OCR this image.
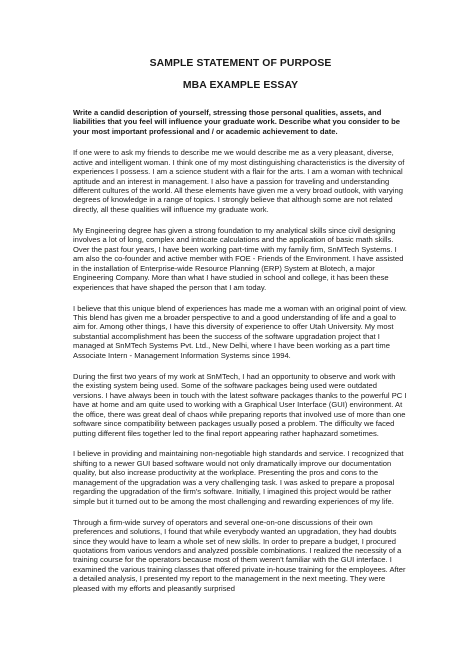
SAMPLE STATEMENT OF PURPOSE
MBA EXAMPLE ESSAY

Write a candid description of yourself, stressing those personal qualities, assets, and liabilities that you feel will influence your graduate work. Describe what you consider to be your most important professional and / or academic achievement to date.

If one were to ask my friends to describe me we would describe me as a very pleasant, diverse, active and intelligent woman. I think one of my most distinguishing characteristics is the diversity of experiences I possess. I am a science student with a flair for the arts. I am a woman with technical aptitude and an interest in management. I also have a passion for traveling and understanding different cultures of the world. All these elements have given me a very broad outlook, with varying degrees of knowledge in a range of topics. I strongly believe that although some are not related directly, all these qualities will influence my graduate work.

My Engineering degree has given a strong foundation to my analytical skills since civil designing involves a lot of long, complex and intricate calculations and the application of basic math skills. Over the past four years, I have been working part-time with my family firm, SnMTech Systems. I am also the co-founder and active member with FOE - Friends of the Environment. I have assisted in the installation of Enterprise-wide Resource Planning (ERP) System at Blotech, a major Engineering Company. More than what I have studied in school and college, it has been these experiences that have shaped the person that I am today.

I believe that this unique blend of experiences has made me a woman with an original point of view. This blend has given me a broader perspective to and a good understanding of life and a goal to aim for. Among other things, I have this diversity of experience to offer Utah University. My most substantial accomplishment has been the success of the software upgradation project that I managed at SnMTech Systems Pvt. Ltd., New Delhi, where I have been working as a part time Associate Intern - Management Information Systems since 1994.

During the first two years of my work at SnMTech, I had an opportunity to observe and work with the existing system being used. Some of the software packages being used were outdated versions. I have always been in touch with the latest software packages thanks to the powerful PC I have at home and am quite used to working with a Graphical User Interface (GUI) environment. At the office, there was great deal of chaos while preparing reports that involved use of more than one software since compatibility between packages usually posed a problem. The difficulty we faced putting different files together led to the final report appearing rather haphazard sometimes.

I believe in providing and maintaining non-negotiable high standards and service. I recognized that shifting to a newer GUI based software would not only dramatically improve our documentation quality, but also increase productivity at the workplace. Presenting the pros and cons to the management of the upgradation was a very challenging task. I was asked to prepare a proposal regarding the upgradation of the firm's software. Initially, I imagined this project would be rather simple but it turned out to be among the most challenging and rewarding experiences of my life.

Through a firm-wide survey of operators and several one-on-one discussions of their own preferences and solutions, I found that while everybody wanted an upgradation, they had doubts since they would have to learn a whole set of new skills. In order to prepare a budget, I procured quotations from various vendors and analyzed possible combinations. I realized the necessity of a training course for the operators because most of them weren't familiar with the GUI interface. I examined the various training classes that offered private in-house training for the employees. After a detailed analysis, I presented my report to the management in the next meeting. They were pleased with my efforts and pleasantly surprised
